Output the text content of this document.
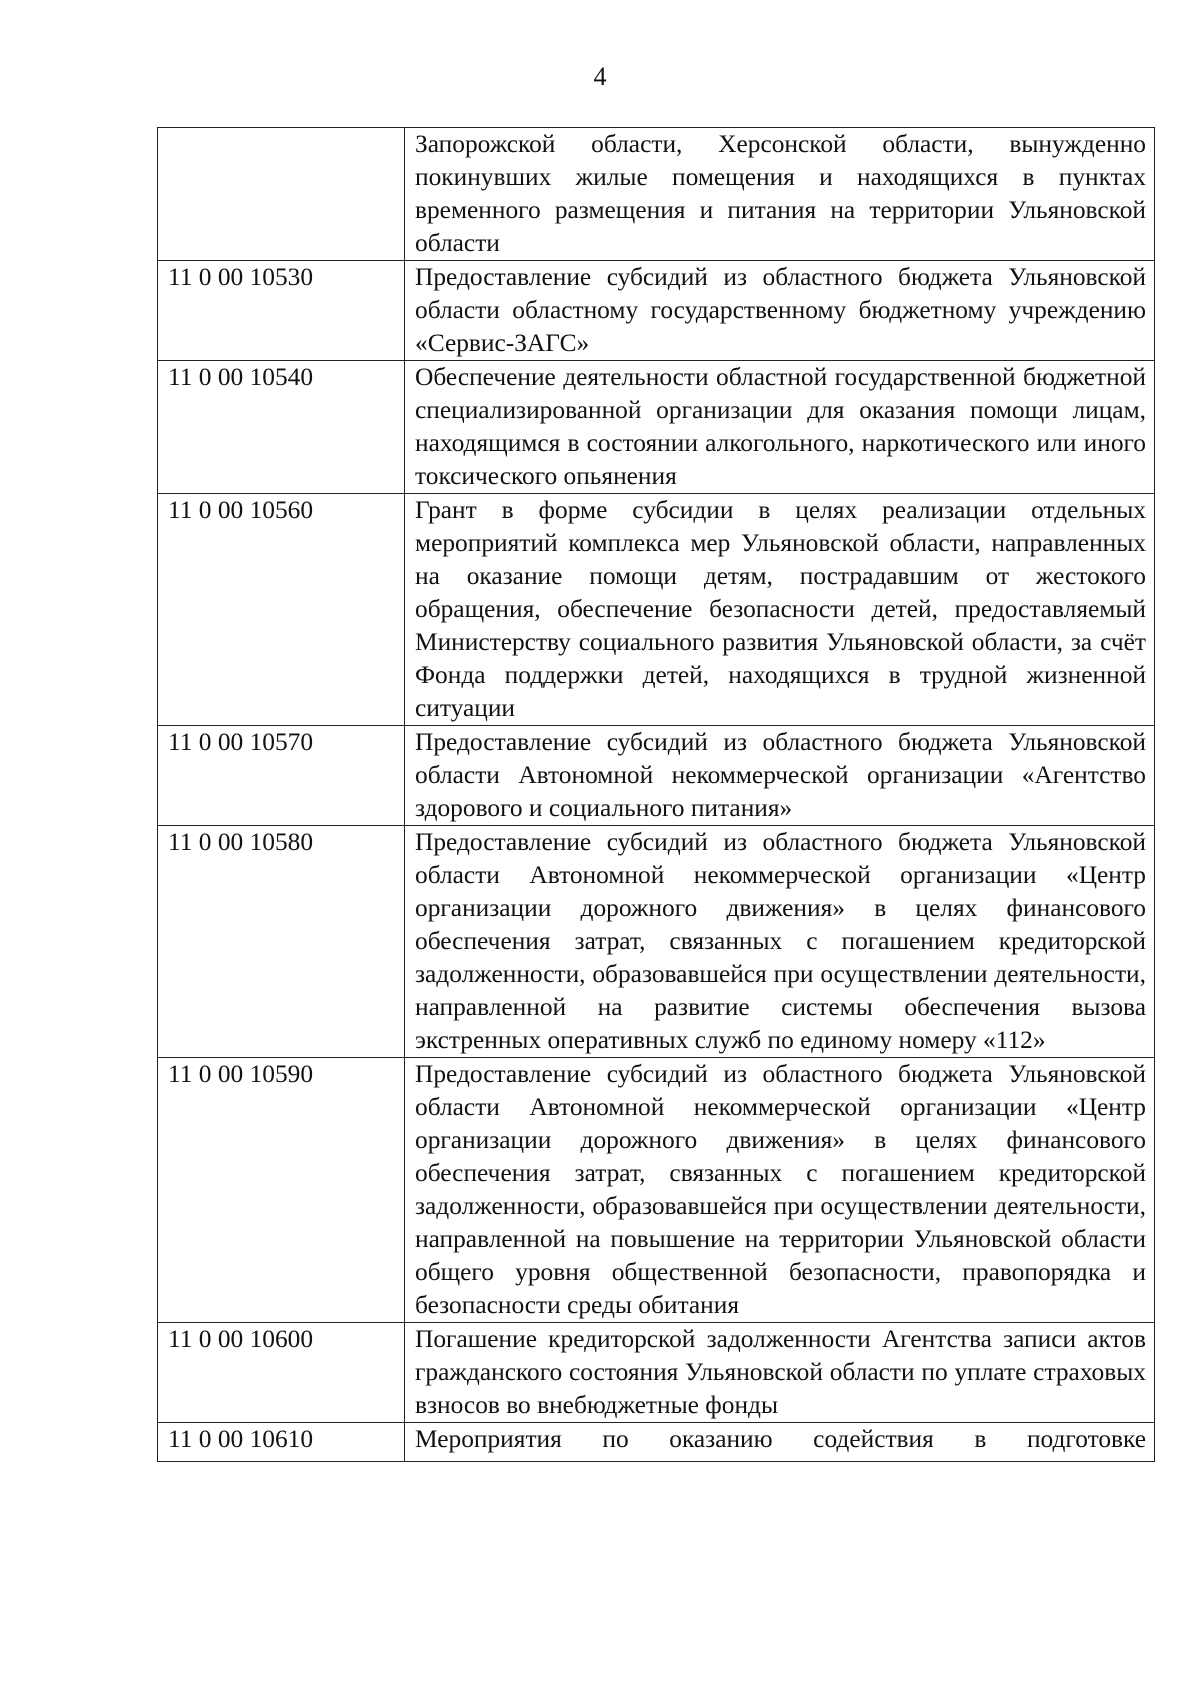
4
	Запорожской области, Херсонской области, вынужденно покинувших жилые помещения и находящихся в пунктах временного размещения и питания на территории Ульяновской области
11 0 00 10530	Предоставление субсидий из областного бюджета Ульяновской области областному государственному бюджетному учреждению «Сервис-ЗАГС»
11 0 00 10540	Обеспечение деятельности областной государственной бюджетной специализированной организации для оказания помощи лицам, находящимся в состоянии алкогольного, наркотического или иного токсического опьянения
11 0 00 10560	Грант в форме субсидии в целях реализации отдельных мероприятий комплекса мер Ульяновской области, направленных на оказание помощи детям, пострадавшим от жестокого обращения, обеспечение безопасности детей, предоставляемый Министерству социального развития Ульяновской области, за счёт Фонда поддержки детей, находящихся в трудной жизненной ситуации
11 0 00 10570	Предоставление субсидий из областного бюджета Ульяновской области Автономной некоммерческой организации «Агентство здорового и социального питания»
11 0 00 10580	Предоставление субсидий из областного бюджета Ульяновской области Автономной некоммерческой организации «Центр организации дорожного движения» в целях финансового обеспечения затрат, связанных с погашением кредиторской задолженности, образовавшейся при осуществлении деятельности, направленной на развитие системы обеспечения вызова экстренных оперативных служб по единому номеру «112»
11 0 00 10590	Предоставление субсидий из областного бюджета Ульяновской области Автономной некоммерческой организации «Центр организации дорожного движения» в целях финансового обеспечения затрат, связанных с погашением кредиторской задолженности, образовавшейся при осуществлении деятельности, направленной на повышение на территории Ульяновской области общего уровня общественной безопасности, правопорядка и безопасности среды обитания
11 0 00 10600	Погашение кредиторской задолженности Агентства записи актов гражданского состояния Ульяновской области по уплате страховых взносов во внебюджетные фонды
11 0 00 10610	Мероприятия по оказанию содействия в подготовке
